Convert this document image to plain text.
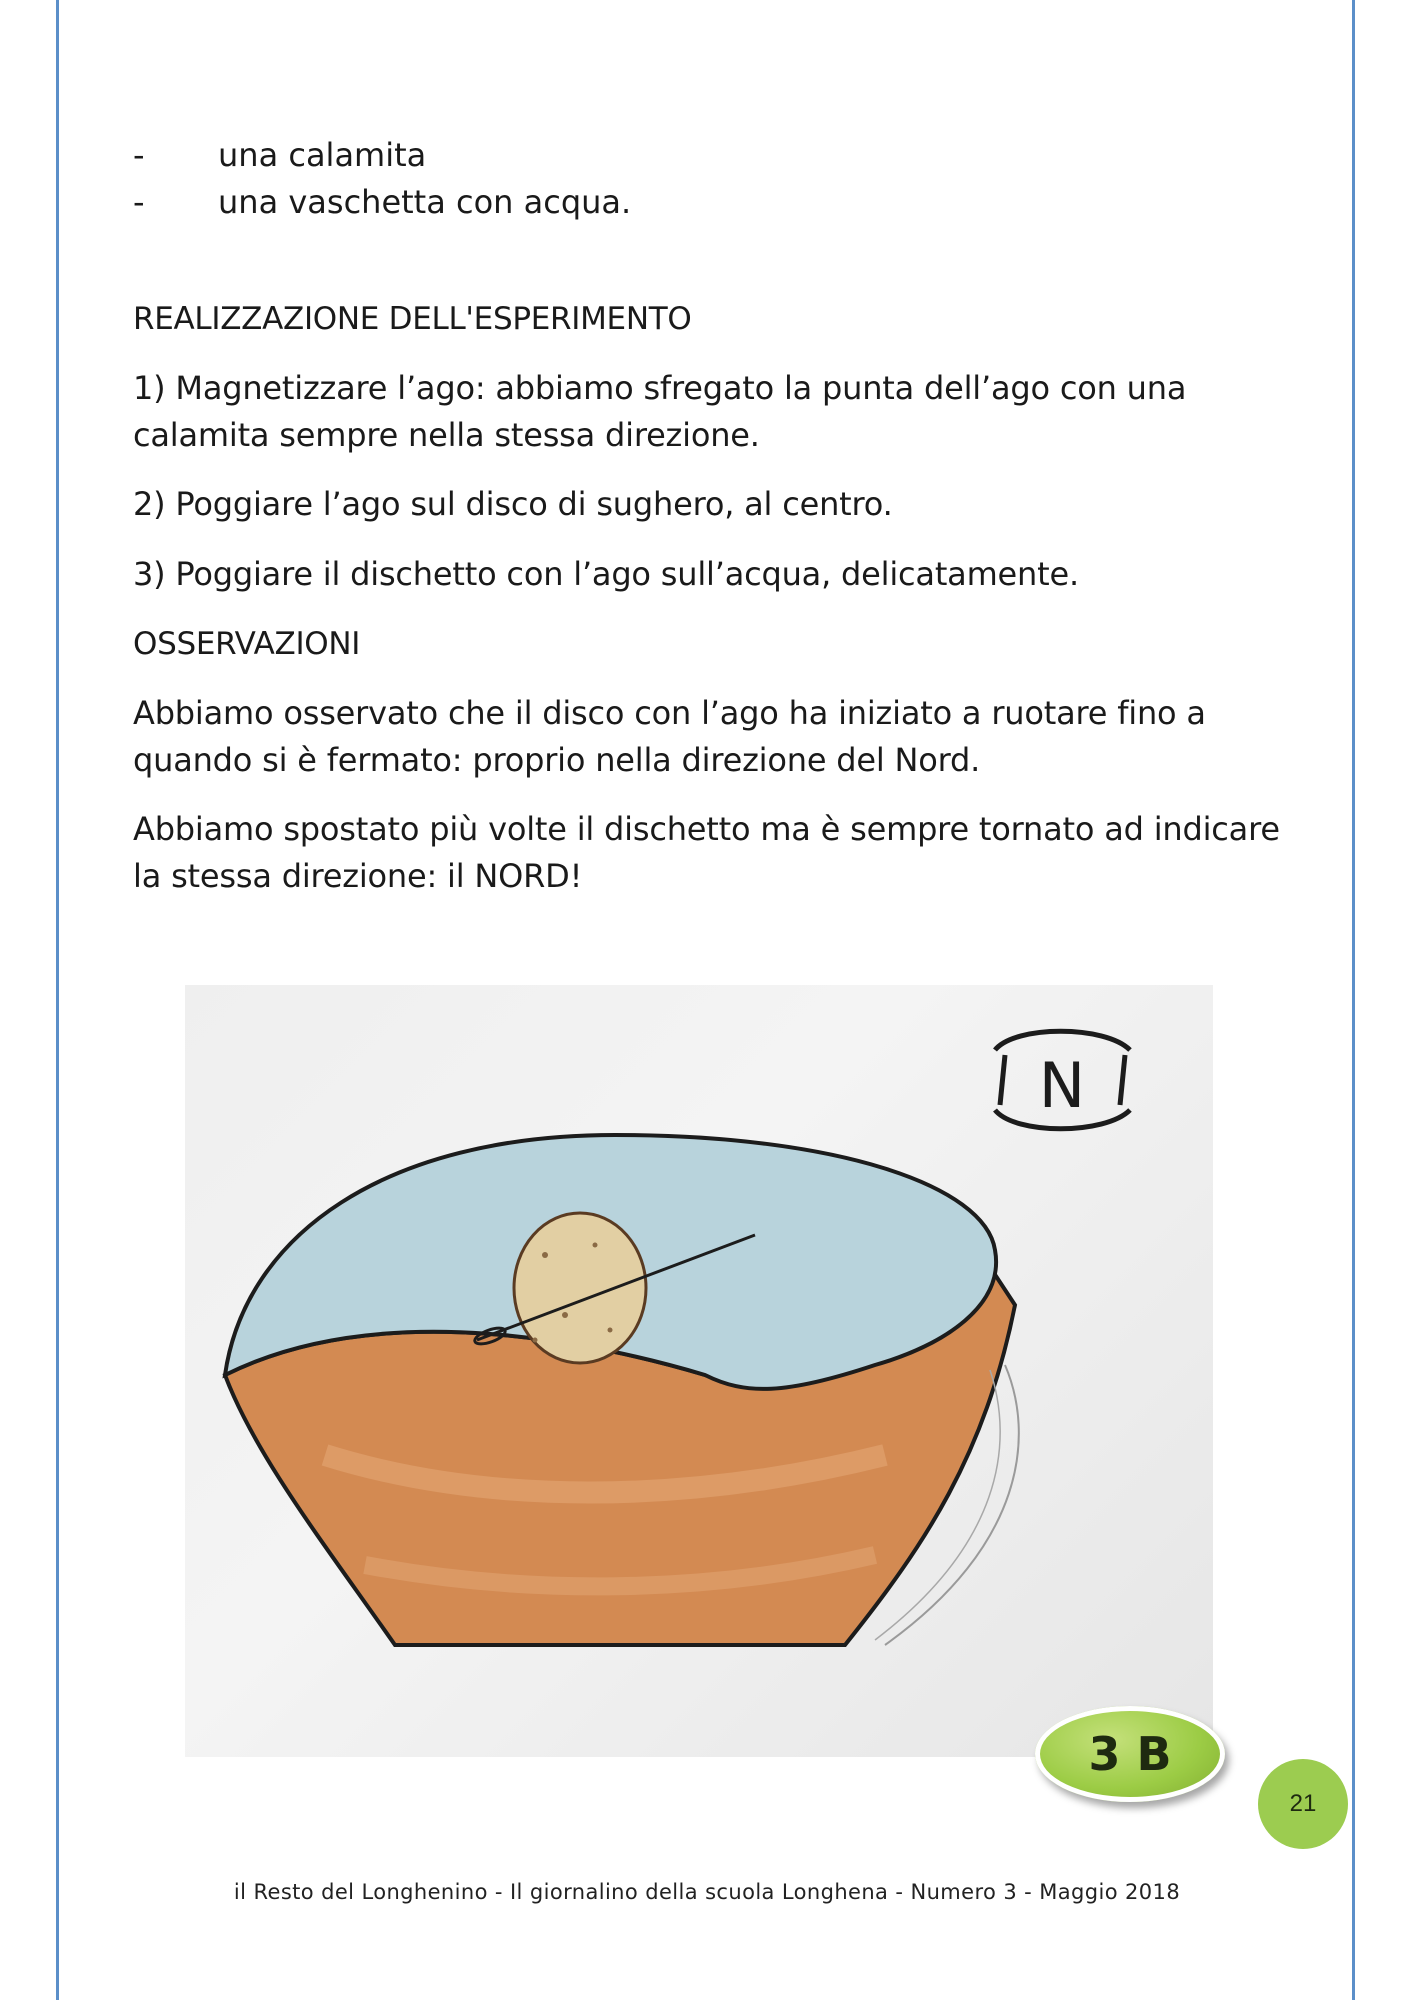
- una calamita
- una vaschetta con acqua.
REALIZZAZIONE DELL'ESPERIMENTO
1) Magnetizzare l’ago: abbiamo sfregato la punta dell’ago con una calamita sempre nella stessa direzione.
2) Poggiare l’ago sul disco di sughero, al centro.
3) Poggiare il dischetto con l’ago sull’acqua, delicatamente.
OSSERVAZIONI
Abbiamo osservato che il disco con l’ago ha iniziato a ruotare fino a quando si è fermato: proprio nella direzione del Nord.
Abbiamo spostato più volte il dischetto ma è sempre tornato ad indicare la stessa direzione: il NORD!
N
3 B
21
il Resto del Longhenino - Il giornalino della scuola Longhena - Numero 3 - Maggio 2018
